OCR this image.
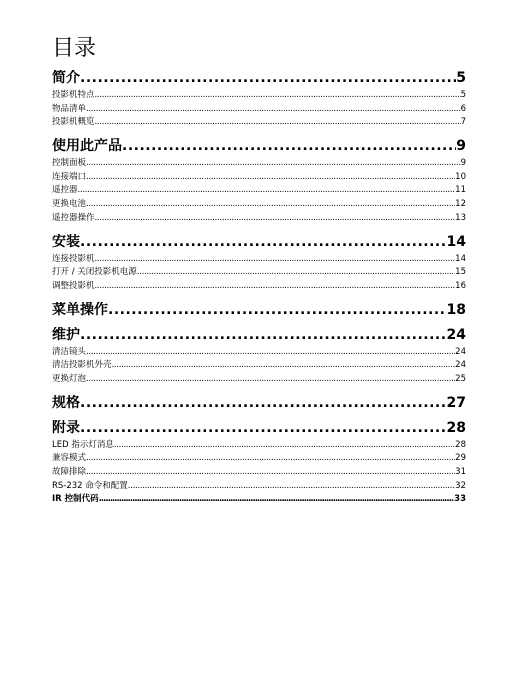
目录
简介 .....	5
投影机特点 .....	5
物品清单 .....	6
投影机概览 .....	7
使用此产品 .....	9
控制面板 .....	9
连接端口 .....	10
遥控器 .....	11
更换电池 .....	12
遥控器操作 .....	13
安装 .....	14
连接投影机 .....	14
打开 / 关闭投影机电源 .....	15
调整投影机 .....	16
菜单操作 .....	18
维护 .....	24
清洁镜头 .....	24
清洁投影机外壳 .....	24
更换灯泡 .....	25
规格 .....	27
附录 .....	28
LED 指示灯消息 .....	28
兼容模式 .....	29
故障排除 .....	31
RS-232 命令和配置 .....	32
IR 控制代码 .....	33
